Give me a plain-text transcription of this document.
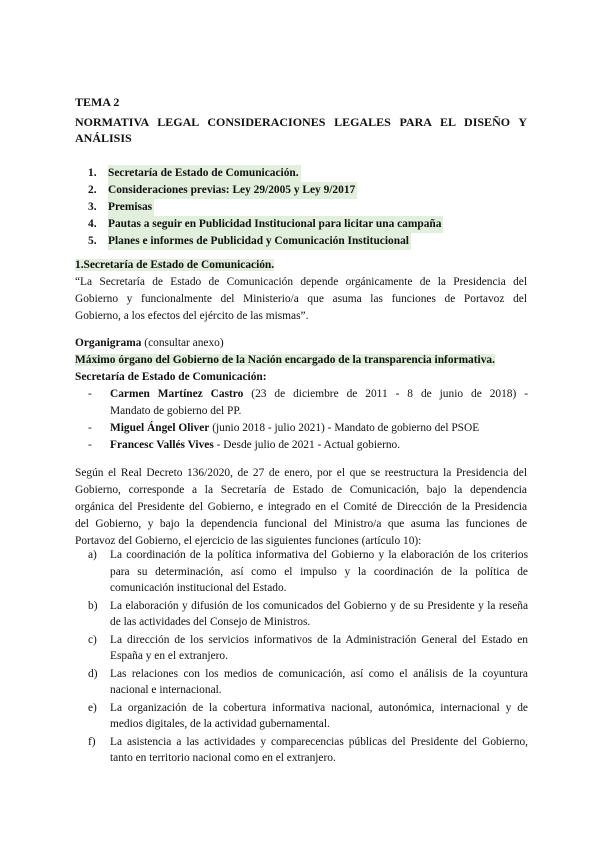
TEMA 2
NORMATIVA LEGAL CONSIDERACIONES LEGALES PARA EL DISEÑO Y
ANÁLISIS
1.	Secretaría de Estado de Comunicación.
2.	Consideraciones previas: Ley 29/2005 y Ley 9/2017
3.	Premisas
4.	Pautas a seguir en Publicidad Institucional para licitar una campaña
5.	Planes e informes de Publicidad y Comunicación Institucional
1.Secretaría de Estado de Comunicación.
“La Secretaría de Estado de Comunicación depende orgánicamente de la Presidencia del
Gobierno y funcionalmente del Ministerio/a que asuma las funciones de Portavoz del
Gobierno, a los efectos del ejército de las mismas”.
Organigrama (consultar anexo)
Máximo órgano del Gobierno de la Nación encargado de la transparencia informativa.
Secretaría de Estado de Comunicación:
-	Carmen Martínez Castro (23 de diciembre de 2011 - 8 de junio de 2018) -
Mandato de gobierno del PP.
-	Miguel Ángel Oliver (junio 2018 - julio 2021) - Mandato de gobierno del PSOE
-	Francesc Vallés Vives - Desde julio de 2021 - Actual gobierno.
Según el Real Decreto 136/2020, de 27 de enero, por el que se reestructura la Presidencia del
Gobierno, corresponde a la Secretaría de Estado de Comunicación, bajo la dependencia
orgánica del Presidente del Gobierno, e integrado en el Comité de Dirección de la Presidencia
del Gobierno, y bajo la dependencia funcional del Ministro/a que asuma las funciones de
Portavoz del Gobierno, el ejercicio de las siguientes funciones (artículo 10):
a)	La coordinación de la política informativa del Gobierno y la elaboración de los criterios para su determinación, así como el impulso y la coordinación de la política de comunicación institucional del Estado.
b)	La elaboración y difusión de los comunicados del Gobierno y de su Presidente y la reseña de las actividades del Consejo de Ministros.
c)	La dirección de los servicios informativos de la Administración General del Estado en España y en el extranjero.
d)	Las relaciones con los medios de comunicación, así como el análisis de la coyuntura nacional e internacional.
e)	La organización de la cobertura informativa nacional, autonómica, internacional y de medios digitales, de la actividad gubernamental.
f)	La asistencia a las actividades y comparecencias públicas del Presidente del Gobierno, tanto en territorio nacional como en el extranjero.
